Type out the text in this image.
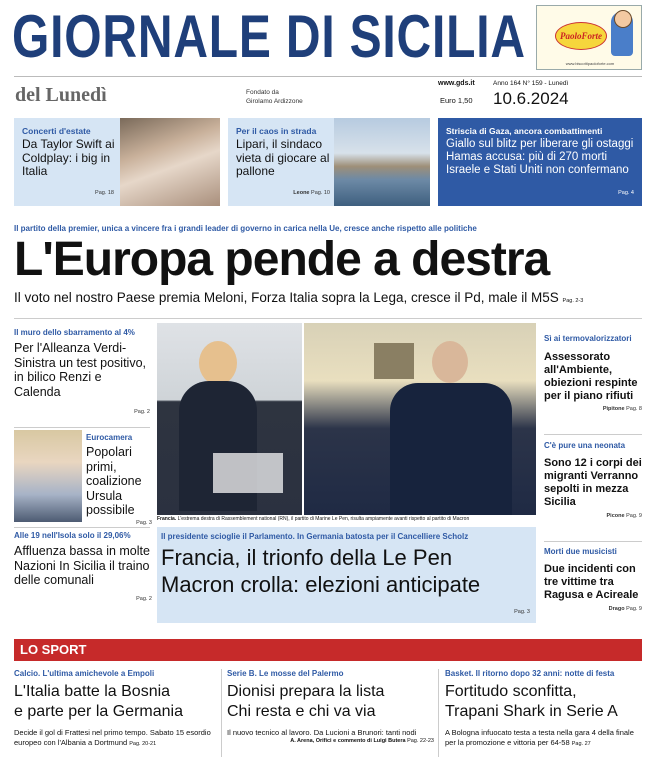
GIORNALE DI SICILIA	PaoloForte
www.biscottipaoloforte.com
del Lunedì	Fondato da
Girolamo Ardizzone
www.gds.it
Euro 1,50
Anno 164 N° 159 - Lunedì
10.6.2024
Concerti d'estate
Da Taylor Swift ai Coldplay: i big in Italia
Pag. 18
Per il caos in strada
Lipari, il sindaco vieta di giocare al pallone
Leone Pag. 10
Striscia di Gaza, ancora combattimenti
Giallo sul blitz per liberare gli ostaggi Hamas accusa: più di 270 morti Israele e Stati Uniti non confermano
Pag. 4
Il partito della premier, unica a vincere fra i grandi leader di governo in carica nella Ue, cresce anche rispetto alle politiche
L'Europa pende a destra
Il voto nel nostro Paese premia Meloni, Forza Italia sopra la Lega, cresce il Pd, male il M5S Pag. 2-3
Il muro dello sbarramento al 4%
Per l'Alleanza Verdi-Sinistra un test positivo, in bilico Renzi e Calenda
Pag. 2
Eurocamera
Popolari primi, coalizione Ursula possibile
Pag. 3
Alle 19 nell'Isola solo il 29,06%
Affluenza bassa in molte Nazioni In Sicilia il traino delle comunali
Pag. 2
Francia. L'estrema destra di Rassemblement national (RN), il partito di Marine Le Pen, risulta ampiamente avanti rispetto al partito di Macron
Il presidente scioglie il Parlamento. In Germania batosta per il Cancelliere Scholz
Francia, il trionfo della Le Pen
Macron crolla: elezioni anticipate
Pag. 3
Sì ai termovalorizzatori
Assessorato all'Ambiente, obiezioni respinte per il piano rifiuti
Pipitone Pag. 8
C'è pure una neonata
Sono 12 i corpi dei migranti Verranno sepolti in mezza Sicilia
Picone Pag. 9
Morti due musicisti
Due incidenti con tre vittime tra Ragusa e Acireale
Drago Pag. 9
LO SPORT
Calcio. L'ultima amichevole a Empoli
L'Italia batte la Bosnia
e parte per la Germania
Decide il gol di Frattesi nel primo tempo. Sabato 15 esordio europeo con l'Albania a Dortmund Pag. 20-21
Serie B. Le mosse del Palermo
Dionisi prepara la lista
Chi resta e chi va via
Il nuovo tecnico al lavoro. Da Lucioni a Brunori: tanti nodi
A. Arena, Orifici e commento di Luigi Butera Pag. 22-23
Basket. Il ritorno dopo 32 anni: notte di festa
Fortitudo sconfitta,
Trapani Shark in Serie A
A Bologna infuocato testa a testa nella gara 4 della finale per la promozione e vittoria per 64-58 Pag. 27
